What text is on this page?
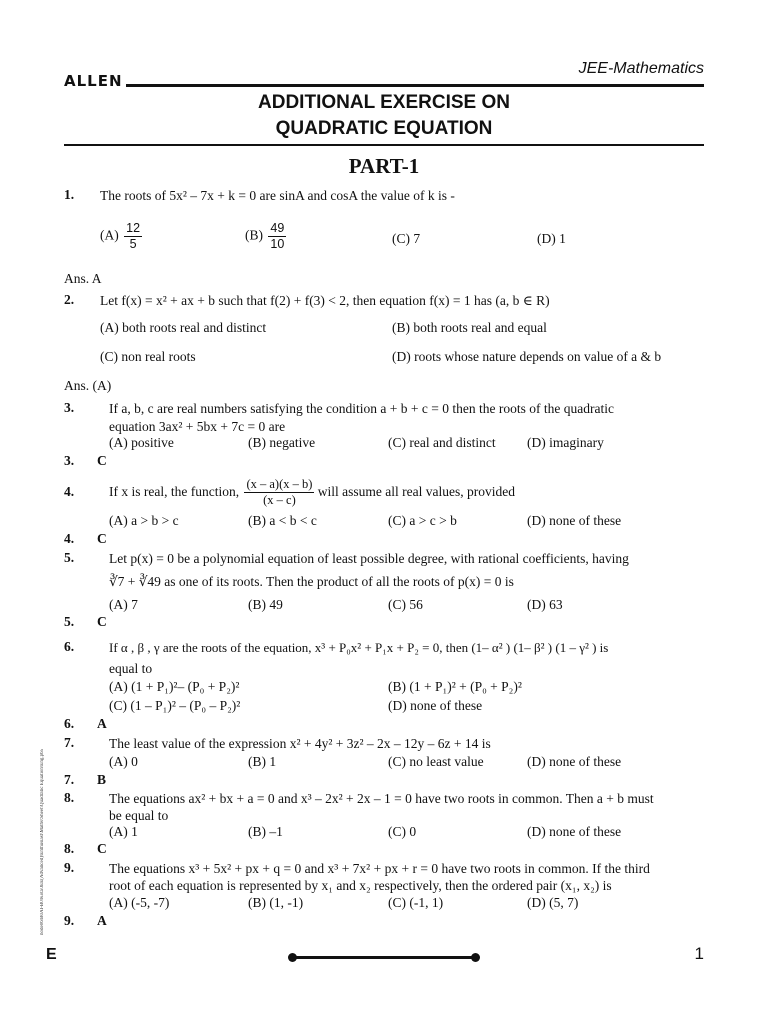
ALLEN
JEE-Mathematics
ADDITIONAL EXERCISE ON
QUADRATIC EQUATION
PART-1
1. The roots of 5x² – 7x + k = 0 are sinA and cosA the value of k is -
$(A) \frac{12}{5}$	$(B) \frac{49}{10}$	(C) 7	(D) 1
Ans. A
2. Let f(x) = x² + ax + b such that f(2) + f(3) < 2, then equation f(x) = 1 has (a, b ∈ R)
(A) both roots real and distinct	(B) both roots real and equal
(C) non real roots	(D) roots whose nature depends on value of a & b
Ans. (A)
3.	If a, b, c are real numbers satisfying the condition a + b + c = 0 then the roots of the quadratic
equation 3ax² + 5bx + 7c = 0 are
(A) positive	(B) negative	(C) real and distinct (D) imaginary
3. C
4.	If x is real, the function, $\frac{(x - a)(x - b)}{(x - c)}$ will assume all real values, provided
(A) a > b > c	(B) a < b < c	(C) a > c > b	(D) none of these
4. C
5.	Let p(x) = 0 be a polynomial equation of least possible degree, with rational coefficients, having
∛7 + ∛49 as one of its roots. Then the product of all the roots of p(x) = 0 is
(A) 7	(B) 49	(C) 56	(D) 63
5. C
6.	If α , β , γ are the roots of the equation, x³ + P₀x² + P₁x + P₂ = 0, then (1– α² ) (1– β² ) (1 – γ² ) is
equal to
(A) (1 + P₁)²– (P₀ + P₂)²	(B) (1 + P₁)² + (P₀ + P₂)²
(C) (1 – P₁)² – (P₀ – P₂)²	(D) none of these
6. A
7.	The least value of the expression x² + 4y² + 3z² – 2x – 12y – 6z + 14 is
(A) 0	(B) 1	(C) no least value	(D) none of these
7. B
8.	The equations ax² + bx + a = 0 and x³ – 2x² + 2x – 1 = 0 have two roots in common. Then a + b must
be equal to
(A) 1	(B) –1	(C) 0	(D) none of these
8. C
9.	The equations x³ + 5x² + px + q = 0 and x³ + 7x² + px + r = 0 have two roots in common. If the third
root of each equation is represented by x₁ and x₂ respectively, then the ordered pair (x₁, x₂) is
(A) (-5, -7)	(B) (1, -1)	(C) (-1, 1)	(D) (5, 7)
9. A
node06\B0AI-B0\Kota\JEE(Advanced)\Enthusiast\Maths\Sheet\Quadratic Equation\Eng.p65
E	1
